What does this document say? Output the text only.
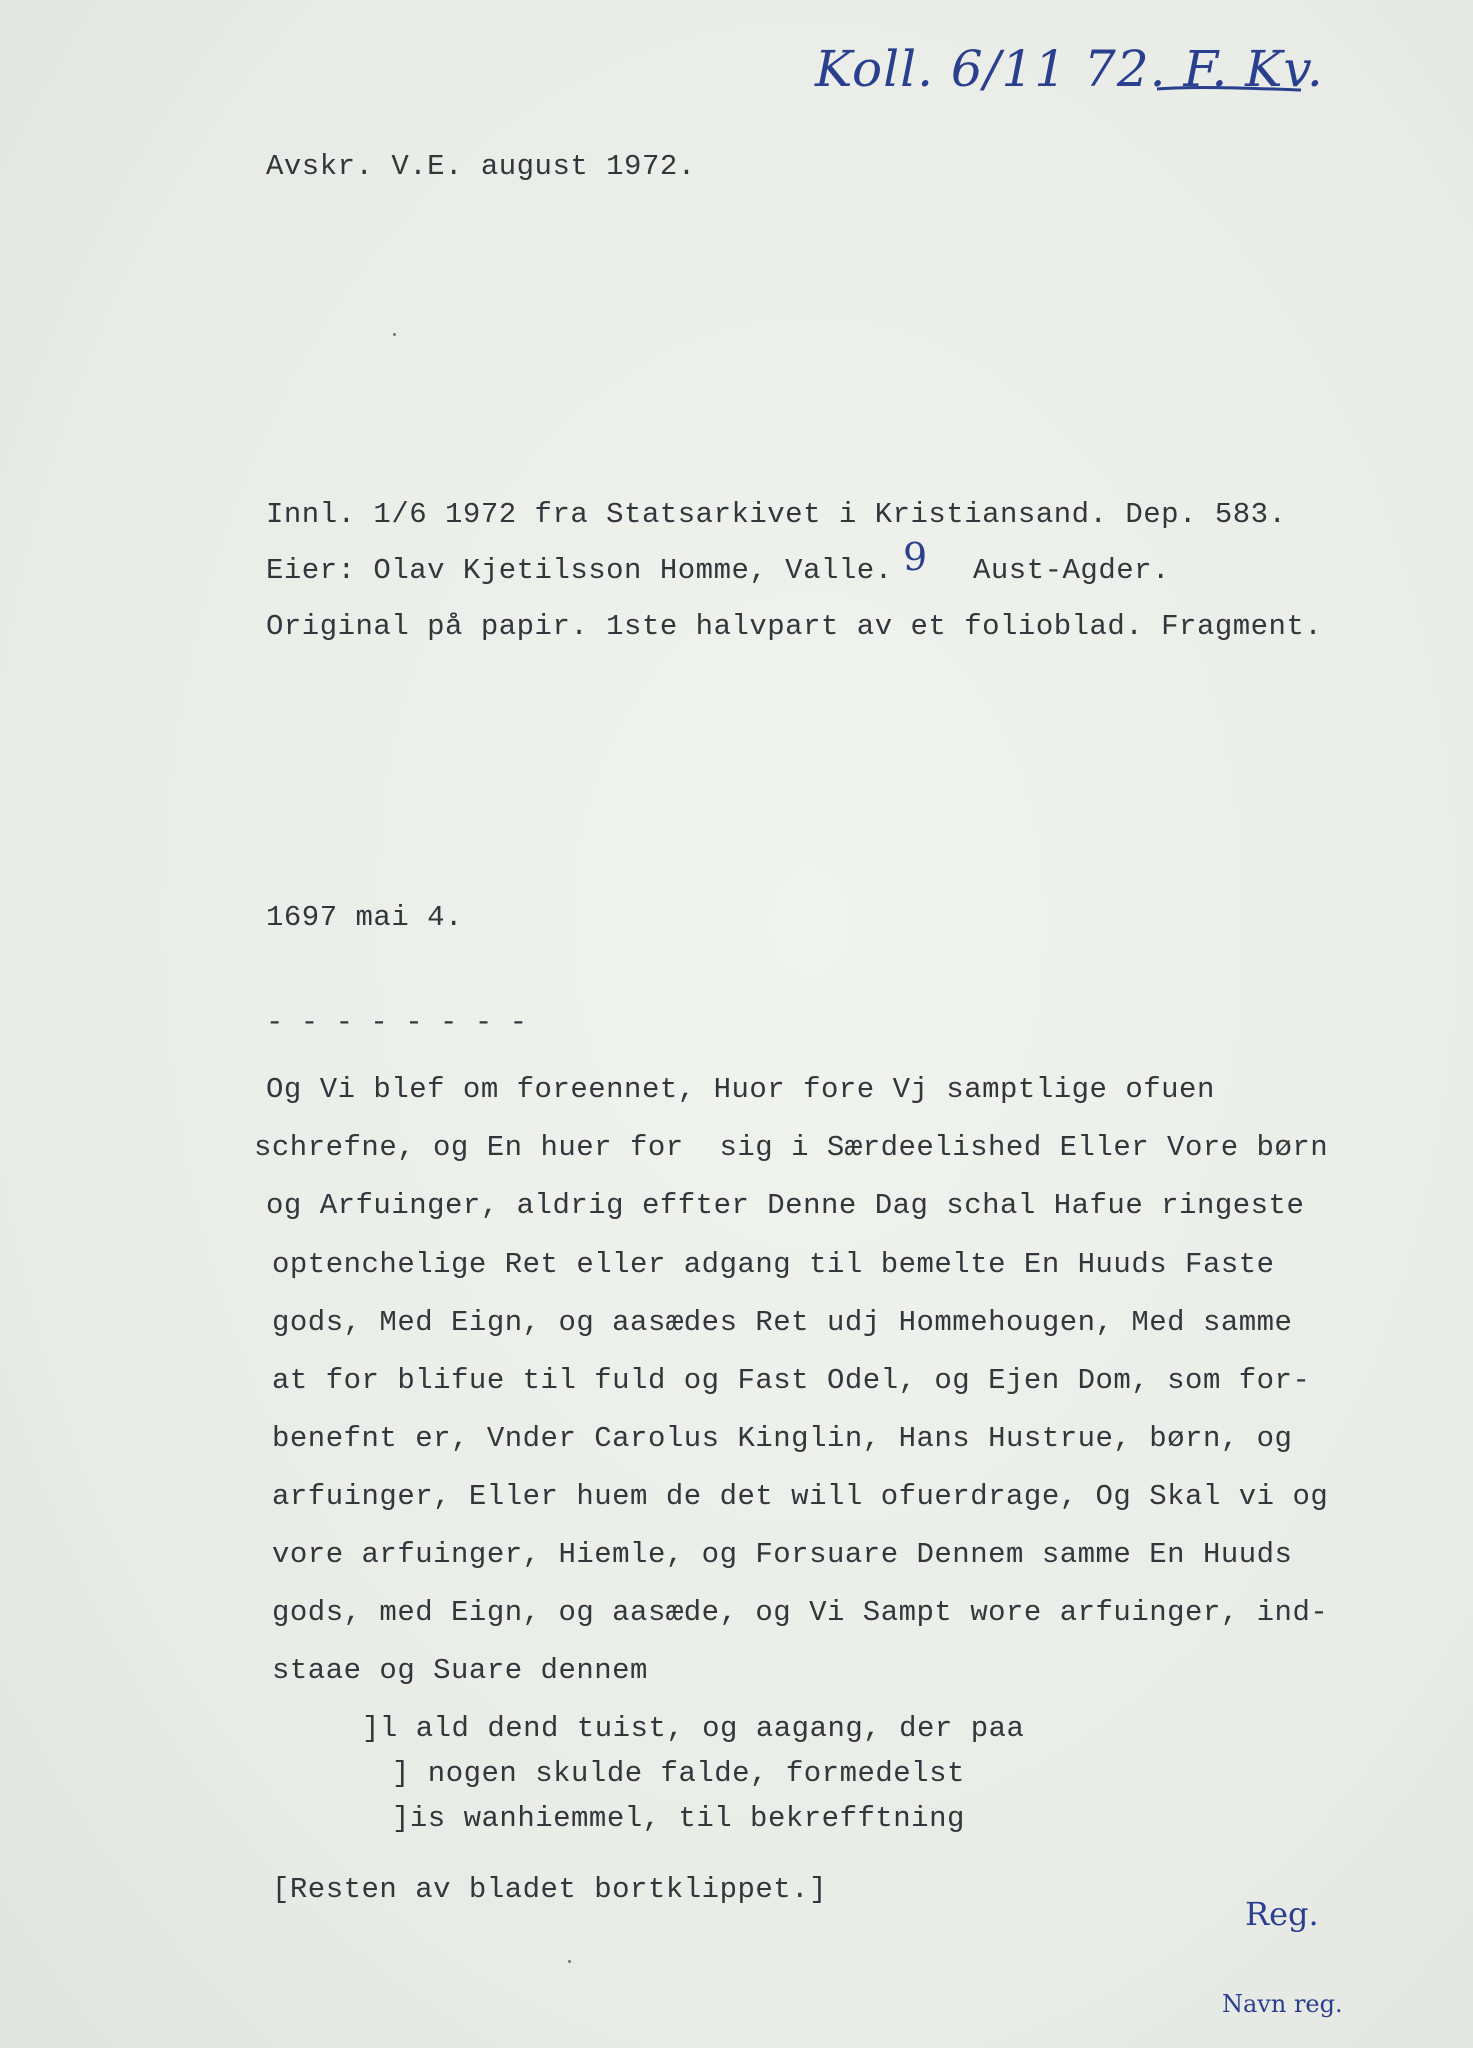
Koll. 6/11 72. F. Kv.
Avskr. V.E. august 1972.
Innl. 1/6 1972 fra Statsarkivet i Kristiansand. Dep. 583.
Eier: Olav Kjetilsson Homme, Valle. 9 Aust-Agder.
Original på papir. 1ste halvpart av et folioblad. Fragment.
1697 mai 4.
- - - - - - - -
Og Vi blef om foreennet, Huor fore Vj samptlige ofuen
schrefne, og En huer for  sig i Særdeelished Eller Vore børn
og Arfuinger, aldrig effter Denne Dag schal Hafue ringeste
optenchelige Ret eller adgang til bemelte En Huuds Faste
gods, Med Eign, og aasædes Ret udj Hommehougen, Med samme
at for blifue til fuld og Fast Odel, og Ejen Dom, som for-
benefnt er, Vnder Carolus Kinglin, Hans Hustrue, børn, og
arfuinger, Eller huem de det will ofuerdrage, Og Skal vi og
vore arfuinger, Hiemle, og Forsuare Dennem samme En Huuds
gods, med Eign, og aasæde, og Vi Sampt wore arfuinger, ind-
staae og Suare dennem
]l ald dend tuist, og aagang, der paa
] nogen skulde falde, formedelst
]is wanhiemmel, til bekrefftning
[Resten av bladet bortklippet.]
Reg.
Navn reg.
